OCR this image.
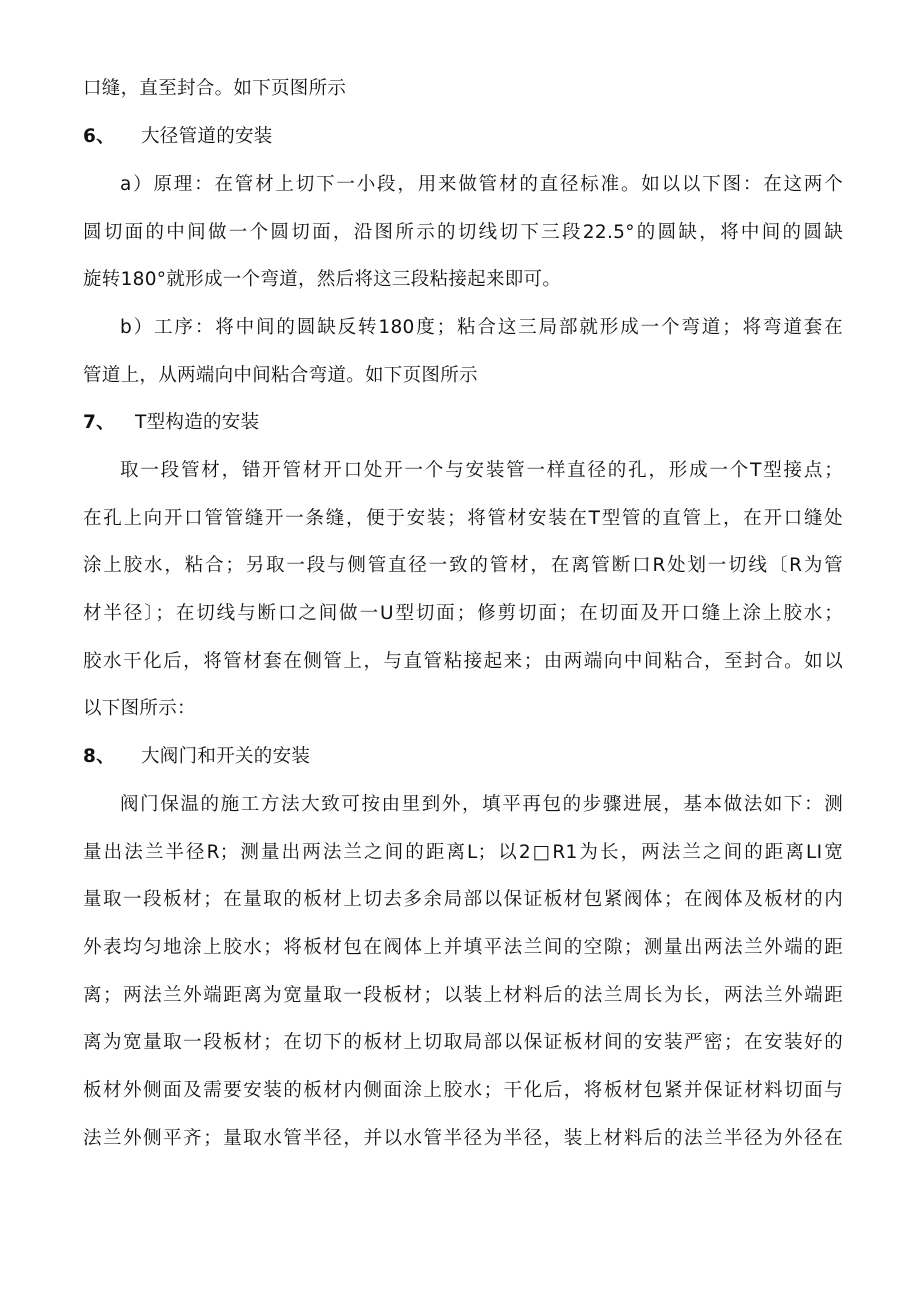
口缝，直至封合。如下页图所示
6、 大径管道的安装
a）原理：在管材上切下一小段，用来做管材的直径标准。如以以下图：在这两个
圆切面的中间做一个圆切面，沿图所示的切线切下三段22.5°的圆缺，将中间的圆缺
旋转180°就形成一个弯道，然后将这三段粘接起来即可。
b）工序：将中间的圆缺反转180度；粘合这三局部就形成一个弯道；将弯道套在
管道上，从两端向中间粘合弯道。如下页图所示
7、 T型构造的安装
取一段管材，错开管材开口处开一个与安装管一样直径的孔，形成一个T型接点；
在孔上向开口管管缝开一条缝，便于安装；将管材安装在T型管的直管上，在开口缝处
涂上胶水，粘合；另取一段与侧管直径一致的管材，在离管断口R处划一切线〔R为管
材半径〕；在切线与断口之间做一U型切面；修剪切面；在切面及开口缝上涂上胶水；
胶水干化后，将管材套在侧管上，与直管粘接起来；由两端向中间粘合，至封合。如以
以下图所示：
8、 大阀门和开关的安装
阀门保温的施工方法大致可按由里到外，填平再包的步骤进展，基本做法如下：测
量出法兰半径R；测量出两法兰之间的距离L；以2□R1为长，两法兰之间的距离LI宽
量取一段板材；在量取的板材上切去多余局部以保证板材包紧阀体；在阀体及板材的内
外表均匀地涂上胶水；将板材包在阀体上并填平法兰间的空隙；测量出两法兰外端的距
离；两法兰外端距离为宽量取一段板材；以装上材料后的法兰周长为长，两法兰外端距
离为宽量取一段板材；在切下的板材上切取局部以保证板材间的安装严密；在安装好的
板材外侧面及需要安装的板材内侧面涂上胶水；干化后，将板材包紧并保证材料切面与
法兰外侧平齐；量取水管半径，并以水管半径为半径，装上材料后的法兰半径为外径在
